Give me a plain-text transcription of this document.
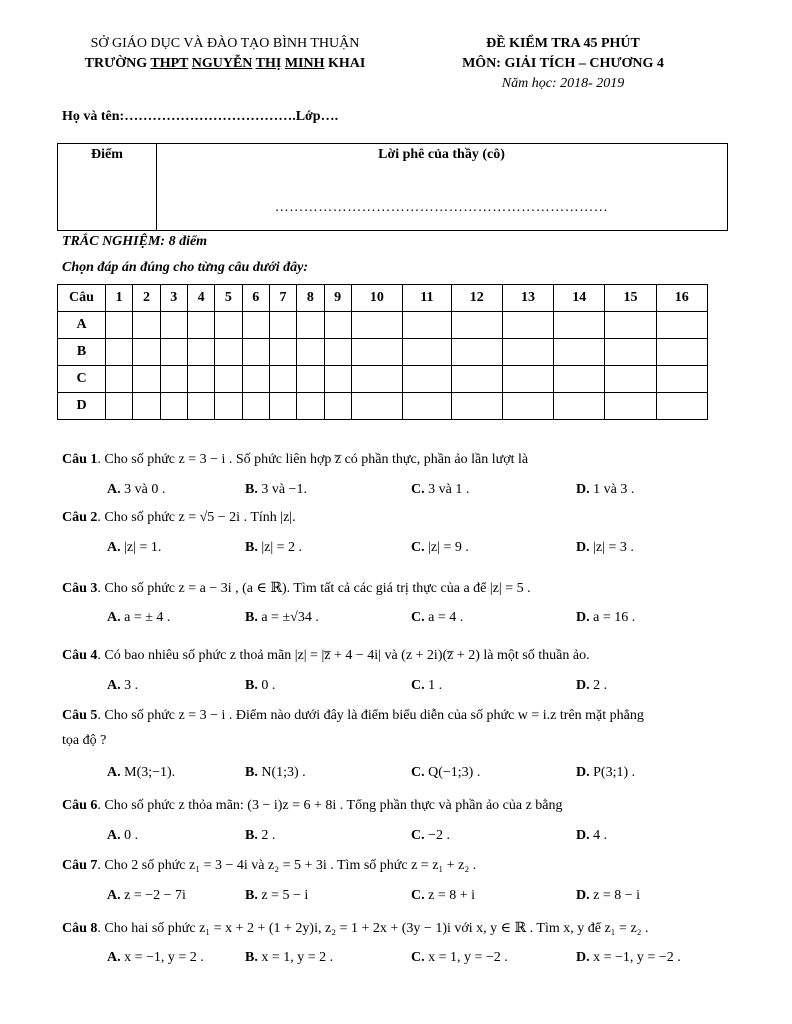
SỞ GIÁO DỤC VÀ ĐÀO TẠO BÌNH THUẬN
TRƯỜNG THPT NGUYỄN THỊ MINH KHAI
ĐỀ KIỂM TRA 45 PHÚT
MÔN: GIẢI TÍCH – CHƯƠNG 4
Năm học: 2018- 2019
Họ và tên:……………………………….Lớp….
Điểm	Lời phê của thầy (cô)
……………………………………………………………
TRẮC NGHIỆM: 8 điểm
Chọn đáp án đúng cho từng câu dưới đây:
Câu	1	2	3	4	5	6	7	8	9	10	11	12	13	14	15	16
A																
B																
C																
D																
Câu 1. Cho số phức z = 3 − i . Số phức liên hợp z̅ có phần thực, phần ảo lần lượt là
A. 3 và 0 .	B. 3 và −1.	C. 3 và 1 .	D. 1 và 3 .
Câu 2. Cho số phức z = √5 − 2i . Tính |z|.
A. |z| = 1.	B. |z| = 2 .	C. |z| = 9 .	D. |z| = 3 .
Câu 3. Cho số phức z = a − 3i , (a ∈ ℝ). Tìm tất cả các giá trị thực của a để |z| = 5 .
A. a = ± 4 .	B. a = ±√34 .	C. a = 4 .	D. a = 16 .
Câu 4. Có bao nhiêu số phức z thoả mãn |z| = |z̅ + 4 − 4i| và (z + 2i)(z̅ + 2) là một số thuần ảo.
A. 3 .	B. 0 .	C. 1 .	D. 2 .
Câu 5. Cho số phức z = 3 − i . Điểm nào dưới đây là điểm biểu diễn của số phức w = i.z trên mặt phẳng
tọa độ ?
A. M(3;−1).	B. N(1;3) .	C. Q(−1;3) .	D. P(3;1) .
Câu 6. Cho số phức z thỏa mãn: (3 − i)z = 6 + 8i . Tổng phần thực và phần ảo của z bằng
A. 0 .	B. 2 .	C. −2 .	D. 4 .
Câu 7. Cho 2 số phức z₁ = 3 − 4i và z₂ = 5 + 3i . Tìm số phức z = z₁ + z₂ .
A. z = −2 − 7i	B. z = 5 − i	C. z = 8 + i	D. z = 8 − i
Câu 8. Cho hai số phức z₁ = x + 2 + (1 + 2y)i, z₂ = 1 + 2x + (3y − 1)i với x, y ∈ ℝ . Tìm x, y để z₁ = z₂ .
A. x = −1, y = 2 .	B. x = 1, y = 2 .	C. x = 1, y = −2 .	D. x = −1, y = −2 .
